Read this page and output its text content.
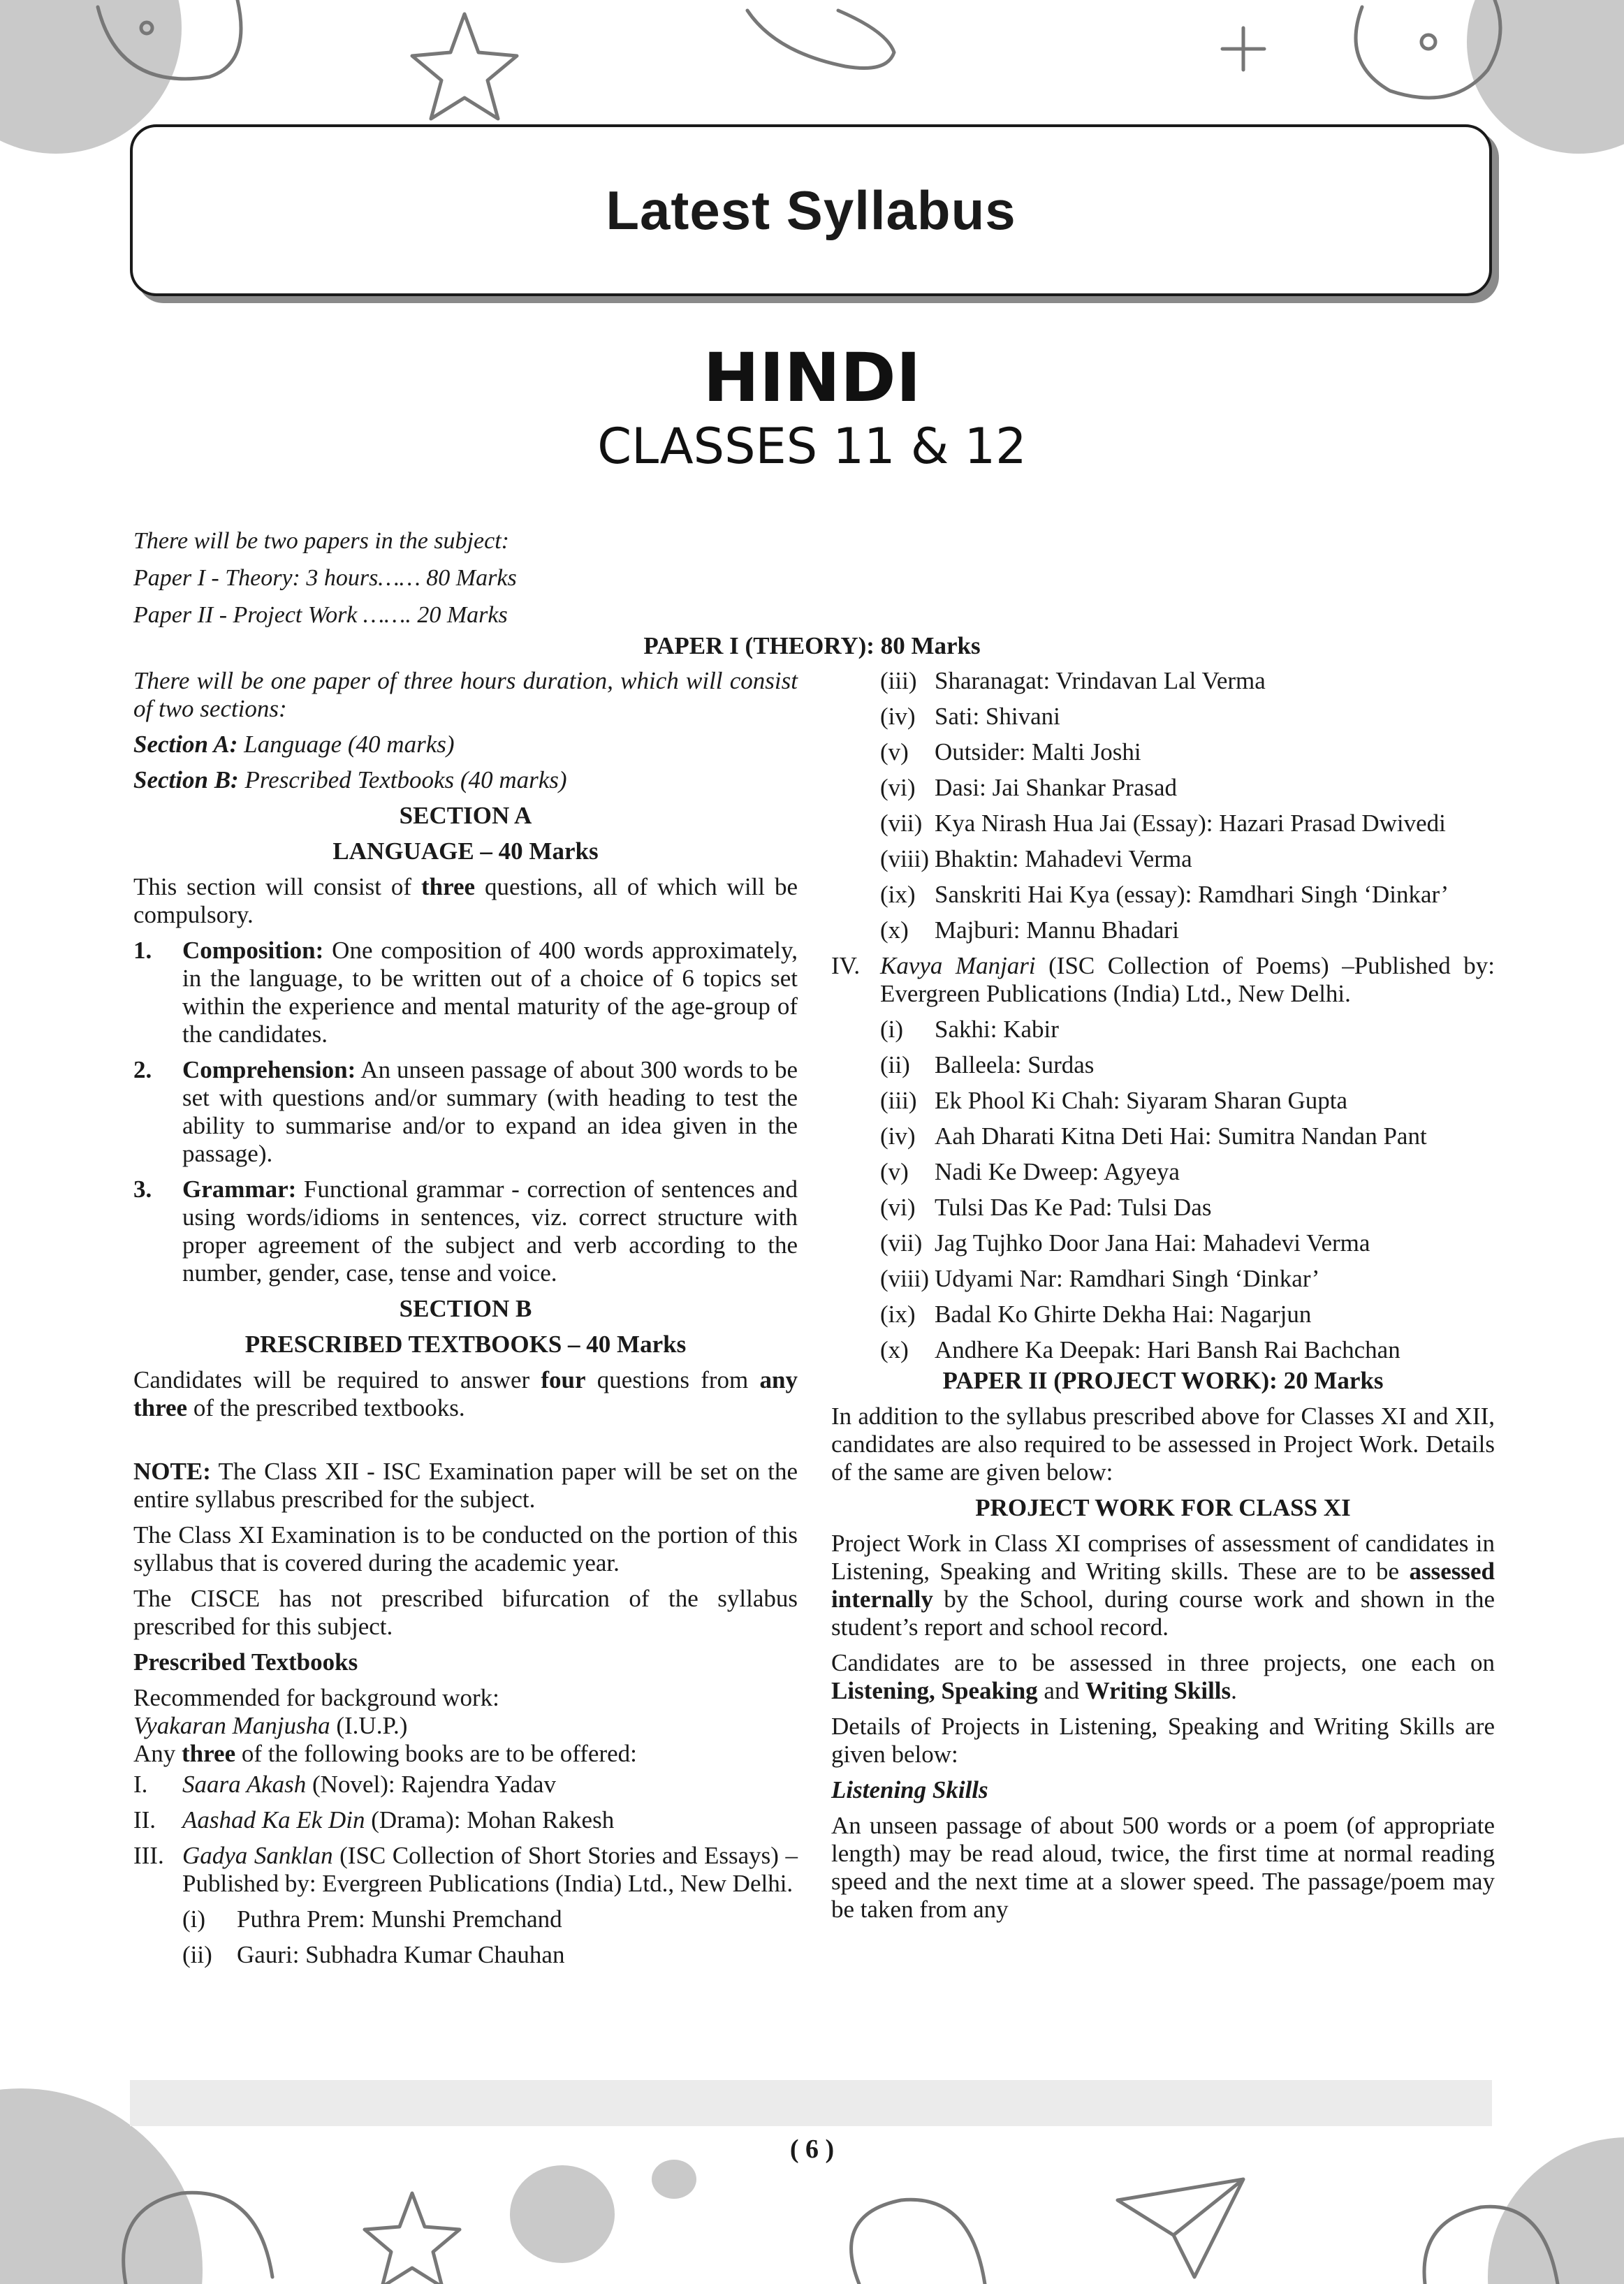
Latest Syllabus
HINDI
CLASSES 11 & 12

There will be two papers in the subject:

Paper I - Theory: 3 hours…… 80 Marks

Paper II - Project Work ……. 20 Marks

PAPER I (THEORY): 80 Marks

There will be one paper of three hours duration, which will consist of two sections:

Section A: Language (40 marks)

Section B: Prescribed Textbooks (40 marks)

SECTION A
LANGUAGE – 40 Marks

This section will consist of three questions, all of which will be compulsory.

1.	Composition: One composition of 400 words approximately, in the language, to be written out of a choice of 6 topics set within the experience and mental maturity of the age-group of the candidates.
2.	Comprehension: An unseen passage of about 300 words to be set with questions and/or summary (with heading to test the ability to summarise and/or to expand an idea given in the passage).
3.	Grammar: Functional grammar - correction of sentences and using words/idioms in sentences, viz. correct structure with proper agreement of the subject and verb according to the number, gender, case, tense and voice.
SECTION B
PRESCRIBED TEXTBOOKS – 40 Marks

Candidates will be required to answer four questions from any three of the prescribed textbooks.

NOTE: The Class XII - ISC Examination paper will be set on the entire syllabus prescribed for the subject.

The Class XI Examination is to be conducted on the portion of this syllabus that is covered during the academic year.

The CISCE has not prescribed bifurcation of the syllabus prescribed for this subject.

Prescribed Textbooks

Recommended for background work:

Vyakaran Manjusha (I.U.P.)

Any three of the following books are to be offered:

I.	Saara Akash (Novel): Rajendra Yadav
II.	Aashad Ka Ek Din (Drama): Mohan Rakesh
III. Gadya Sanklan (ISC Collection of Short Stories and Essays) – Published by: Evergreen Publications (India) Ltd., New Delhi.
(i)	Puthra Prem: Munshi Premchand
(ii)	Gauri: Subhadra Kumar Chauhan
(iii) Sharanagat: Vrindavan Lal Verma
(iv) Sati: Shivani
(v)	Outsider: Malti Joshi
(vi) Dasi: Jai Shankar Prasad
(vii) Kya Nirash Hua Jai (Essay): Hazari Prasad Dwivedi
(viii) Bhaktin: Mahadevi Verma
(ix) Sanskriti Hai Kya (essay): Ramdhari Singh ‘Dinkar’
(x)	Majburi: Mannu Bhadari
IV. Kavya Manjari (ISC Collection of Poems) –Published by: Evergreen Publications (India) Ltd., New Delhi.
(i)	Sakhi: Kabir
(ii)	Balleela: Surdas
(iii) Ek Phool Ki Chah: Siyaram Sharan Gupta
(iv) Aah Dharati Kitna Deti Hai: Sumitra Nandan Pant
(v)	Nadi Ke Dweep: Agyeya
(vi) Tulsi Das Ke Pad: Tulsi Das
(vii) Jag Tujhko Door Jana Hai: Mahadevi Verma
(viii) Udyami Nar: Ramdhari Singh ‘Dinkar’
(ix) Badal Ko Ghirte Dekha Hai: Nagarjun
(x)	Andhere Ka Deepak: Hari Bansh Rai Bachchan
PAPER II (PROJECT WORK): 20 Marks

In addition to the syllabus prescribed above for Classes XI and XII, candidates are also required to be assessed in Project Work. Details of the same are given below:

PROJECT WORK FOR CLASS XI

Project Work in Class XI comprises of assessment of candidates in Listening, Speaking and Writing skills. These are to be assessed internally by the School, during course work and shown in the student’s report and school record.

Candidates are to be assessed in three projects, one each on Listening, Speaking and Writing Skills.

Details of Projects in Listening, Speaking and Writing Skills are given below:

Listening Skills

An unseen passage of about 500 words or a poem (of appropriate length) may be read aloud, twice, the first time at normal reading speed and the next time at a slower speed. The passage/poem may be taken from any

( 6 )
